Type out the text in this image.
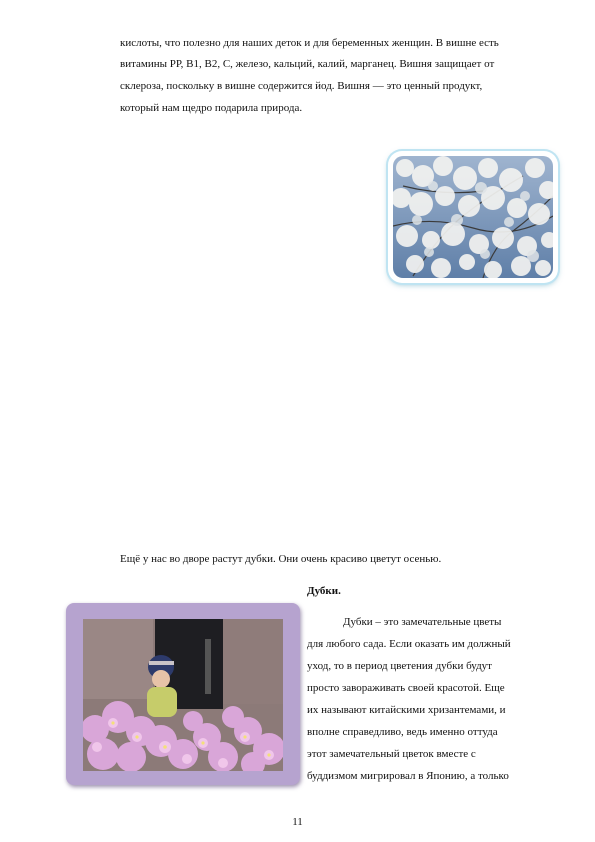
кислоты, что полезно для наших деток и для беременных женщин. В вишне есть
витамины РР, В1, В2, С, железо, кальций, калий, марганец. Вишня защищает от
склероза, поскольку в вишне содержится йод. Вишня — это ценный продукт,
который нам щедро подарила природа.
Ещё у нас во дворе растут дубки. Они очень красиво цветут осенью.
Дубки.
Дубки – это замечательные цветы
для любого сада. Если оказать им должный
уход, то в период цветения дубки будут
просто завораживать своей красотой. Еще
их называют китайскими хризантемами, и
вполне справедливо, ведь именно оттуда
этот замечательный цветок вместе с
буддизмом мигрировал в Японию, а только
11
